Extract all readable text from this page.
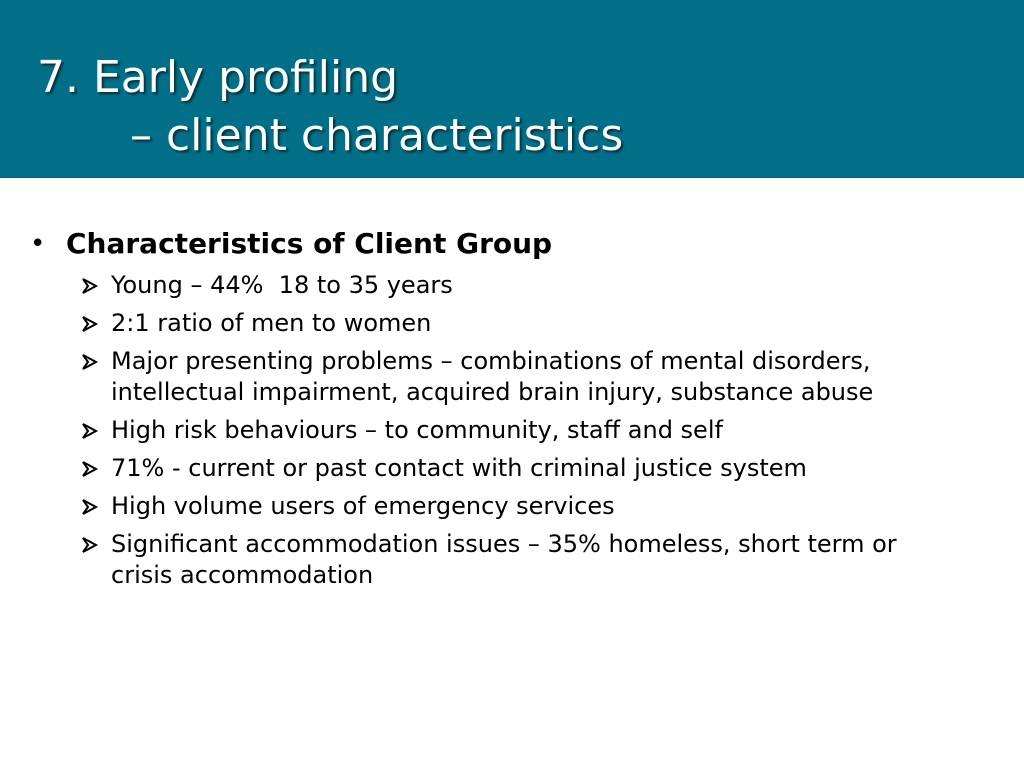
7. Early profiling
– client characteristics
• Characteristics of Client Group
Young – 44%  18 to 35 years
2:1 ratio of men to women
Major presenting problems – combinations of mental disorders, intellectual impairment, acquired brain injury, substance abuse
High risk behaviours – to community, staff and self
71% - current or past contact with criminal justice system
High volume users of emergency services
Significant accommodation issues – 35% homeless, short term or crisis accommodation
